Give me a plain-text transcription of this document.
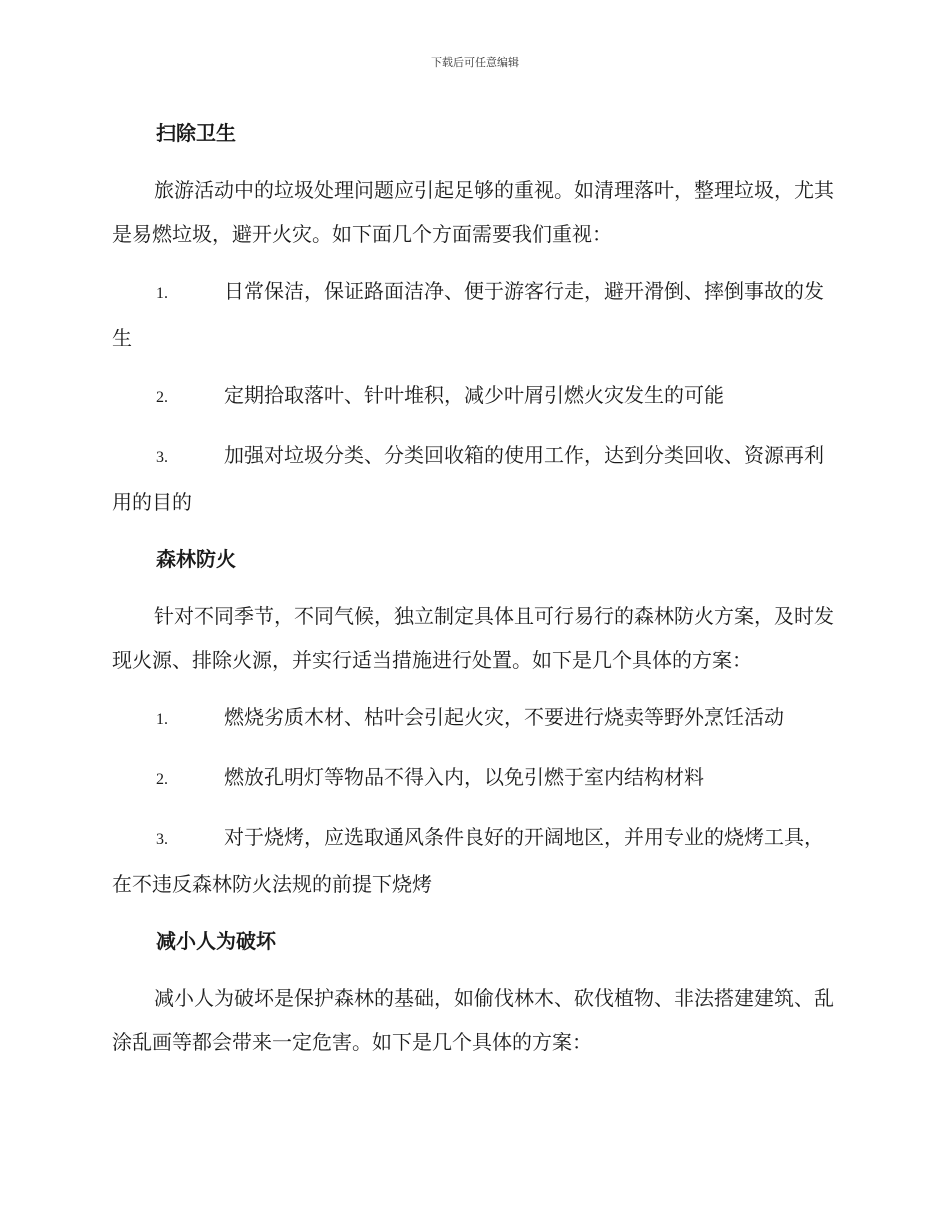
下载后可任意编辑
扫除卫生
旅游活动中的垃圾处理问题应引起足够的重视。如清理落叶，整理垃圾，尤其是易燃垃圾，避开火灾。如下面几个方面需要我们重视：
1.	日常保洁，保证路面洁净、便于游客行走，避开滑倒、摔倒事故的发生
2.	定期拾取落叶、针叶堆积，减少叶屑引燃火灾发生的可能
3.	加强对垃圾分类、分类回收箱的使用工作，达到分类回收、资源再利用的目的
森林防火
针对不同季节，不同气候，独立制定具体且可行易行的森林防火方案，及时发现火源、排除火源，并实行适当措施进行处置。如下是几个具体的方案：
1.	燃烧劣质木材、枯叶会引起火灾，不要进行烧卖等野外烹饪活动
2.	燃放孔明灯等物品不得入内，以免引燃于室内结构材料
3.	对于烧烤，应选取通风条件良好的开阔地区，并用专业的烧烤工具，在不违反森林防火法规的前提下烧烤
减小人为破坏
减小人为破坏是保护森林的基础，如偷伐林木、砍伐植物、非法搭建建筑、乱涂乱画等都会带来一定危害。如下是几个具体的方案：
